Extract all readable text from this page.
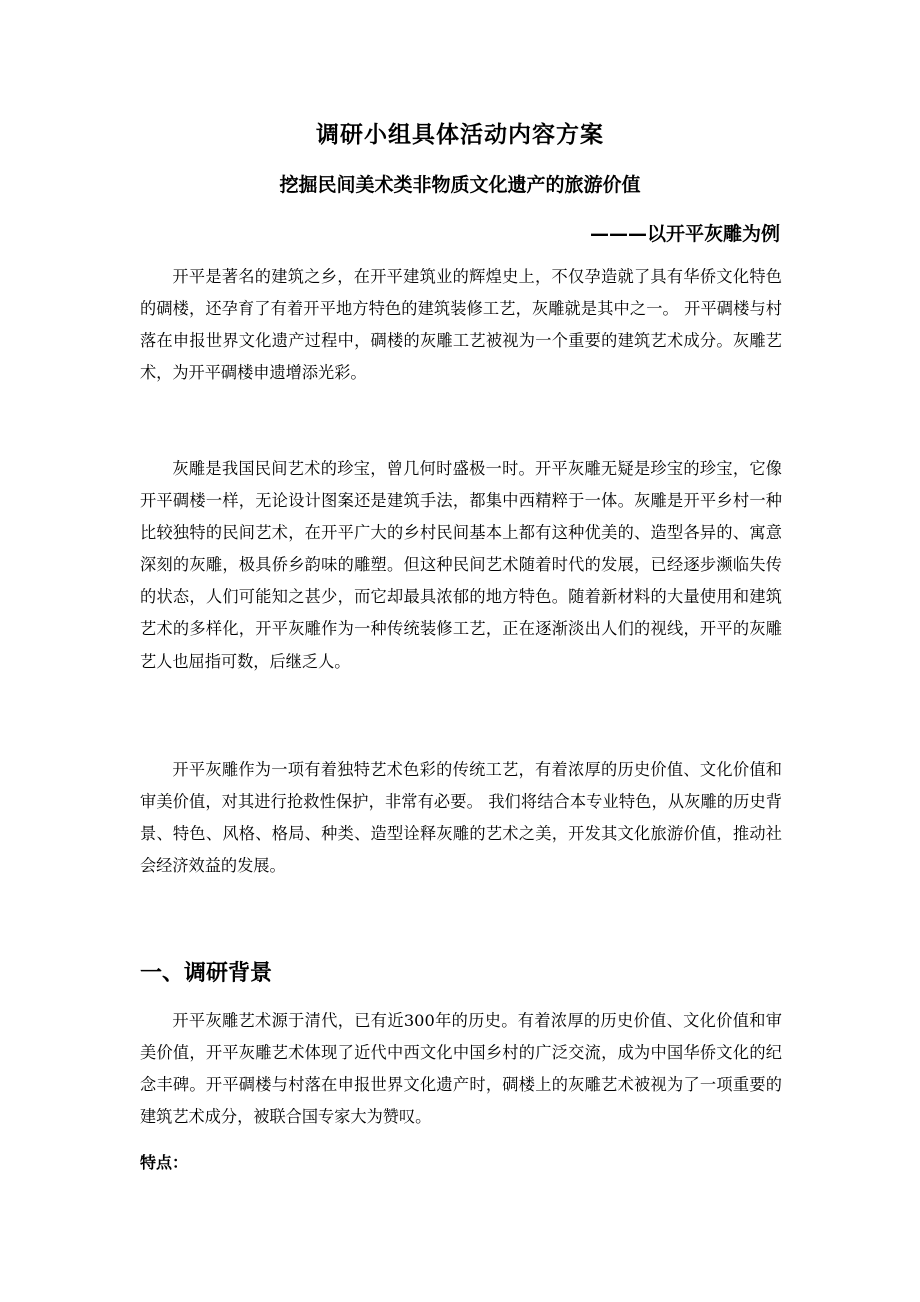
调研小组具体活动内容方案
挖掘民间美术类非物质文化遗产的旅游价值
———以开平灰雕为例

开平是著名的建筑之乡，在开平建筑业的辉煌史上，不仅孕造就了具有华侨文化特色的碉楼，还孕育了有着开平地方特色的建筑装修工艺，灰雕就是其中之一。 开平碉楼与村落在申报世界文化遗产过程中，碉楼的灰雕工艺被视为一个重要的建筑艺术成分。灰雕艺术，为开平碉楼申遗增添光彩。

灰雕是我国民间艺术的珍宝，曾几何时盛极一时。开平灰雕无疑是珍宝的珍宝，它像开平碉楼一样，无论设计图案还是建筑手法，都集中西精粹于一体。灰雕是开平乡村一种比较独特的民间艺术，在开平广大的乡村民间基本上都有这种优美的、造型各异的、寓意深刻的灰雕，极具侨乡韵味的雕塑。但这种民间艺术随着时代的发展，已经逐步濒临失传的状态，人们可能知之甚少，而它却最具浓郁的地方特色。随着新材料的大量使用和建筑艺术的多样化，开平灰雕作为一种传统装修工艺，正在逐渐淡出人们的视线，开平的灰雕艺人也屈指可数，后继乏人。

开平灰雕作为一项有着独特艺术色彩的传统工艺，有着浓厚的历史价值、文化价值和审美价值，对其进行抢救性保护，非常有必要。 我们将结合本专业特色，从灰雕的历史背景、特色、风格、格局、种类、造型诠释灰雕的艺术之美，开发其文化旅游价值，推动社会经济效益的发展。

一、调研背景

开平灰雕艺术源于清代，已有近300年的历史。有着浓厚的历史价值、文化价值和审美价值，开平灰雕艺术体现了近代中西文化中国乡村的广泛交流，成为中国华侨文化的纪念丰碑。开平碉楼与村落在申报世界文化遗产时，碉楼上的灰雕艺术被视为了一项重要的建筑艺术成分，被联合国专家大为赞叹。

特点：
